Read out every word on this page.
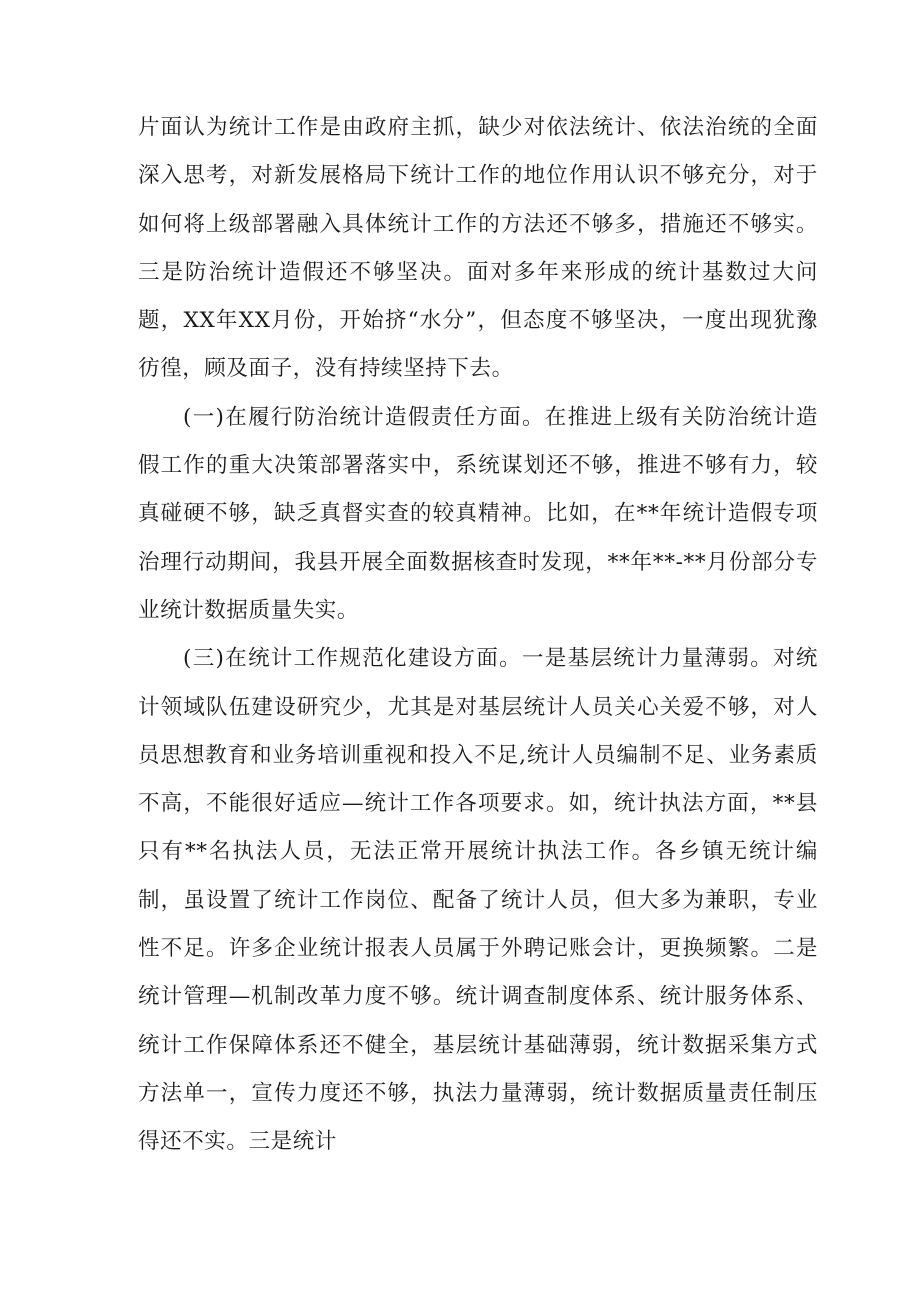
片面认为统计工作是由政府主抓，缺少对依法统计、依法治统的全面深入思考，对新发展格局下统计工作的地位作用认识不够充分，对于如何将上级部署融入具体统计工作的方法还不够多，措施还不够实。三是防治统计造假还不够坚决。面对多年来形成的统计基数过大问题，XX年XX月份，开始挤“水分”，但态度不够坚决，一度出现犹豫彷徨，顾及面子，没有持续坚持下去。

(一)在履行防治统计造假责任方面。在推进上级有关防治统计造假工作的重大决策部署落实中，系统谋划还不够，推进不够有力，较真碰硬不够，缺乏真督实查的较真精神。比如，在**年统计造假专项治理行动期间，我县开展全面数据核查时发现，**年**-**月份部分专业统计数据质量失实。

(三)在统计工作规范化建设方面。一是基层统计力量薄弱。对统计领域队伍建设研究少，尤其是对基层统计人员关心关爱不够，对人员思想教育和业务培训重视和投入不足,统计人员编制不足、业务素质不高，不能很好适应—统计工作各项要求。如，统计执法方面，**县只有**名执法人员，无法正常开展统计执法工作。各乡镇无统计编制，虽设置了统计工作岗位、配备了统计人员，但大多为兼职，专业性不足。许多企业统计报表人员属于外聘记账会计，更换频繁。二是统计管理—机制改革力度不够。统计调查制度体系、统计服务体系、统计工作保障体系还不健全，基层统计基础薄弱，统计数据采集方式方法单一，宣传力度还不够，执法力量薄弱，统计数据质量责任制压得还不实。三是统计
